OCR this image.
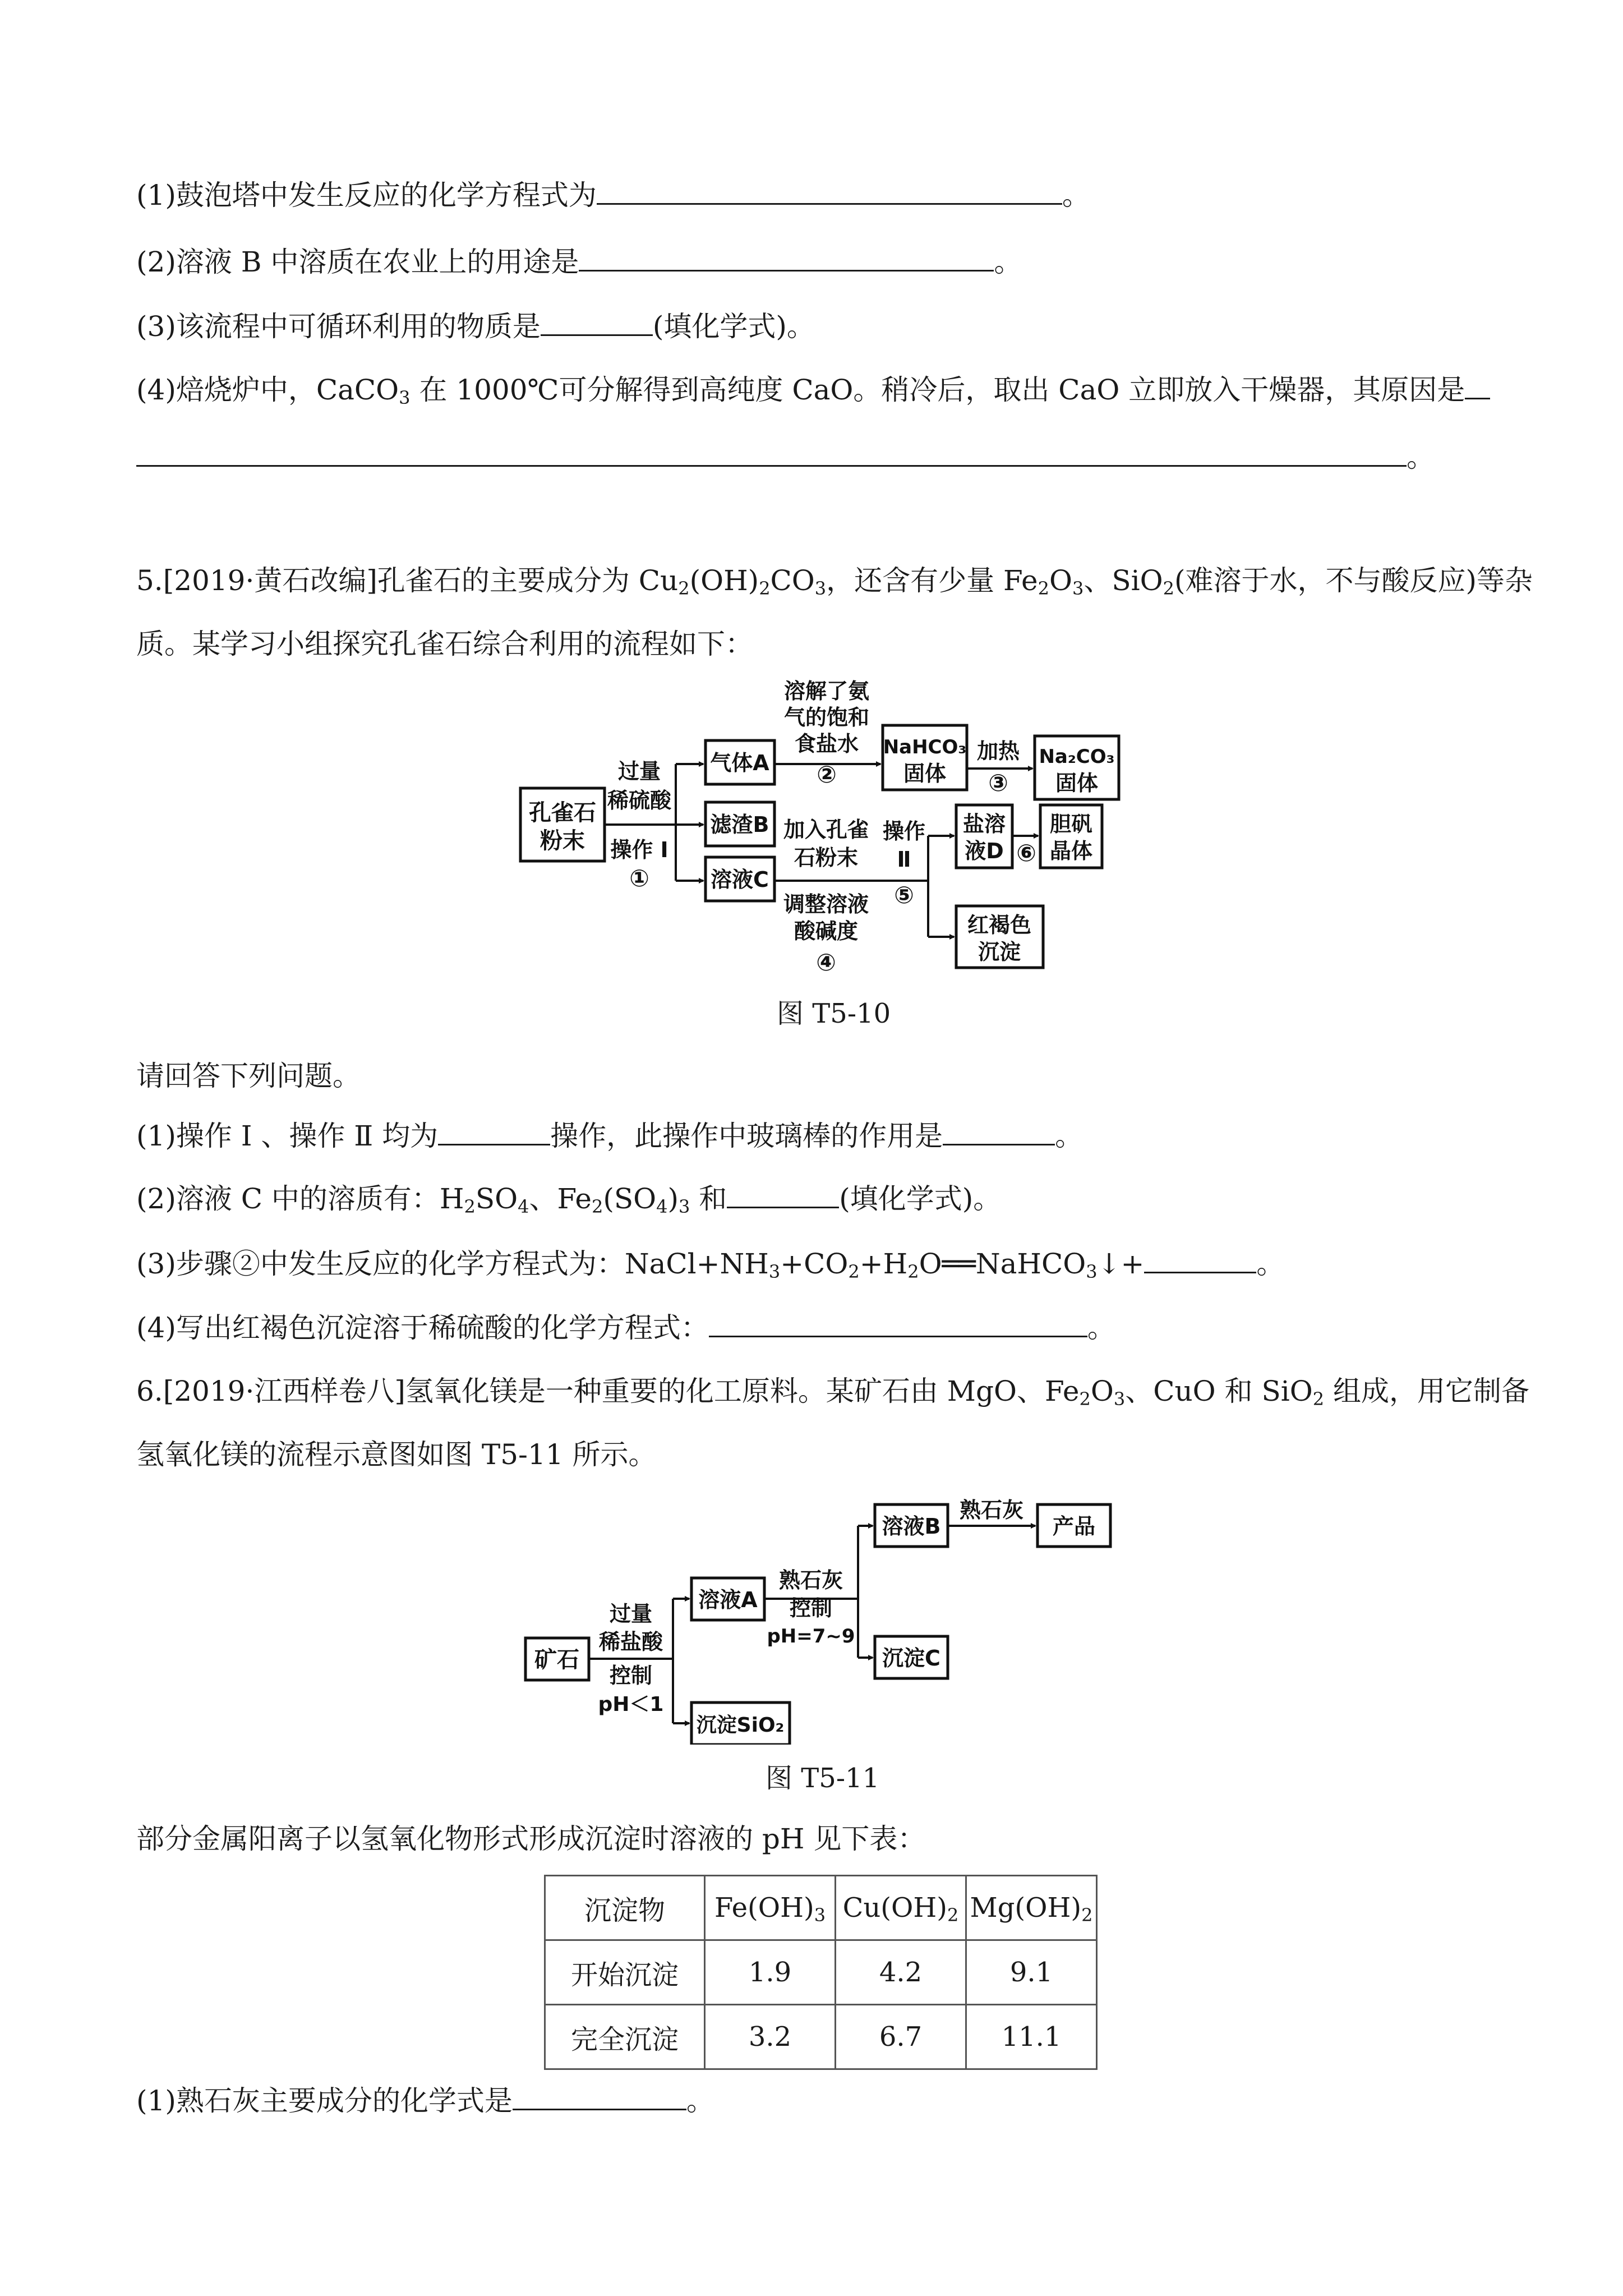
(1)鼓泡塔中发生反应的化学方程式为	。
(2)溶液 B 中溶质在农业上的用途是	。
(3)该流程中可循环利用的物质是	(填化学式)。
(4)焙烧炉中，CaCO$_3$ 在 1000℃可分解得到高纯度 CaO。稍冷后，取出 CaO 立即放入干燥器，其原因是
。
5.[2019·黄石改编]孔雀石的主要成分为 $Cu_2(OH)_2CO_3$，还含有少量 $Fe_2O_3$、SiO$_2$(难溶于水，不与酸反应)等杂
质。某学习小组探究孔雀石综合利用的流程如下：
孔雀石
粉末
气体A
滤渣B
溶液C
NaHCO₃
固体
Na₂CO₃
固体
盐溶
液D
胆矾
晶体
红褐色
沉淀
过量
稀硫酸
操作 Ⅰ
①
溶解了氨
气的饱和
食盐水
②
加热
③
加入孔雀
石粉末
调整溶液
酸碱度
④
操作
Ⅱ
⑤
⑥
图 T5-10
请回答下列问题。
(1)操作 Ⅰ 、操作 Ⅱ 均为	操作，此操作中玻璃棒的作用是	。
(2)溶液 C 中的溶质有：$H_2SO_4$、$Fe_2(SO_4)_3$ 和	(填化学式)。
(3)步骤②中发生反应的化学方程式为：$NaCl+NH_3+CO_2+H_2O══NaHCO_3↓+$	。
(4)写出红褐色沉淀溶于稀硫酸的化学方程式：	。
6.[2019·江西样卷八]氢氧化镁是一种重要的化工原料。某矿石由 MgO、$Fe_2O_3$、CuO 和 SiO$_2$ 组成，用它制备
氢氧化镁的流程示意图如图 T5-11 所示。
矿石
溶液A
沉淀SiO₂
溶液B
沉淀C
产品
过量
稀盐酸
控制
pH＜1
熟石灰
控制
pH=7~9
熟石灰
图 T5-11
部分金属阳离子以氢氧化物形式形成沉淀时溶液的 pH 见下表：
沉淀物	$Fe(OH)_3$	$Cu(OH)_2$	$Mg(OH)_2$
开始沉淀	1.9	4.2	9.1
完全沉淀	3.2	6.7	11.1
(1)熟石灰主要成分的化学式是	。
